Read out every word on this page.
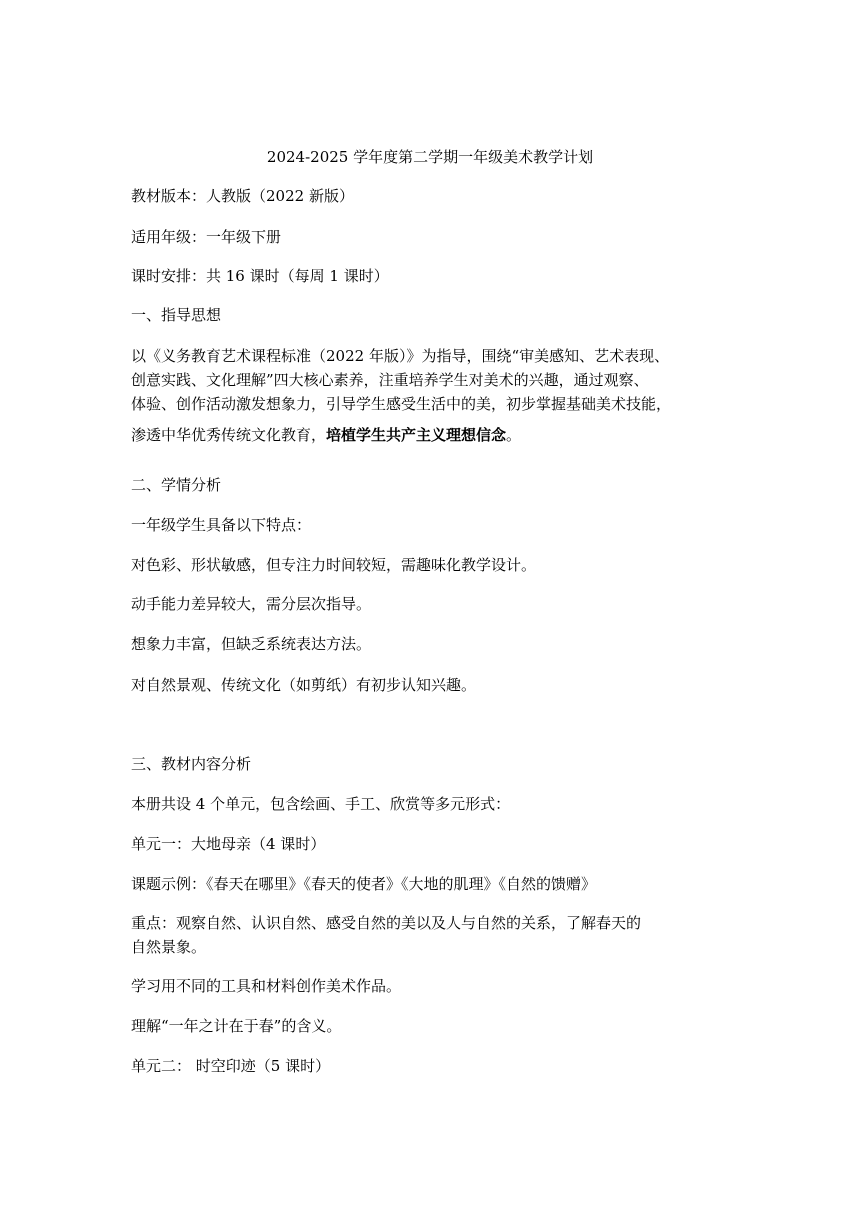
2024-2025 学年度第二学期一年级美术教学计划
教材版本：人教版（2022 新版）
适用年级：一年级下册
课时安排：共 16 课时（每周 1 课时）
一、指导思想
以《义务教育艺术课程标准（2022 年版）》为指导，围绕“审美感知、艺术表现、
创意实践、文化理解”四大核心素养，注重培养学生对美术的兴趣，通过观察、
体验、创作活动激发想象力，引导学生感受生活中的美，初步掌握基础美术技能，
渗透中华优秀传统文化教育，培植学生共产主义理想信念。
二、学情分析
一年级学生具备以下特点：
对色彩、形状敏感，但专注力时间较短，需趣味化教学设计。
动手能力差异较大，需分层次指导。
想象力丰富，但缺乏系统表达方法。
对自然景观、传统文化（如剪纸）有初步认知兴趣。
三、教材内容分析
本册共设 4 个单元，包含绘画、手工、欣赏等多元形式：
单元一：大地母亲（4 课时）
课题示例：《春天在哪里》《春天的使者》《大地的肌理》《自然的馈赠》
重点：观察自然、认识自然、感受自然的美以及人与自然的关系，了解春天的
自然景象。
学习用不同的工具和材料创作美术作品。
理解“一年之计在于春”的含义。
单元二： 时空印迹（5 课时）
